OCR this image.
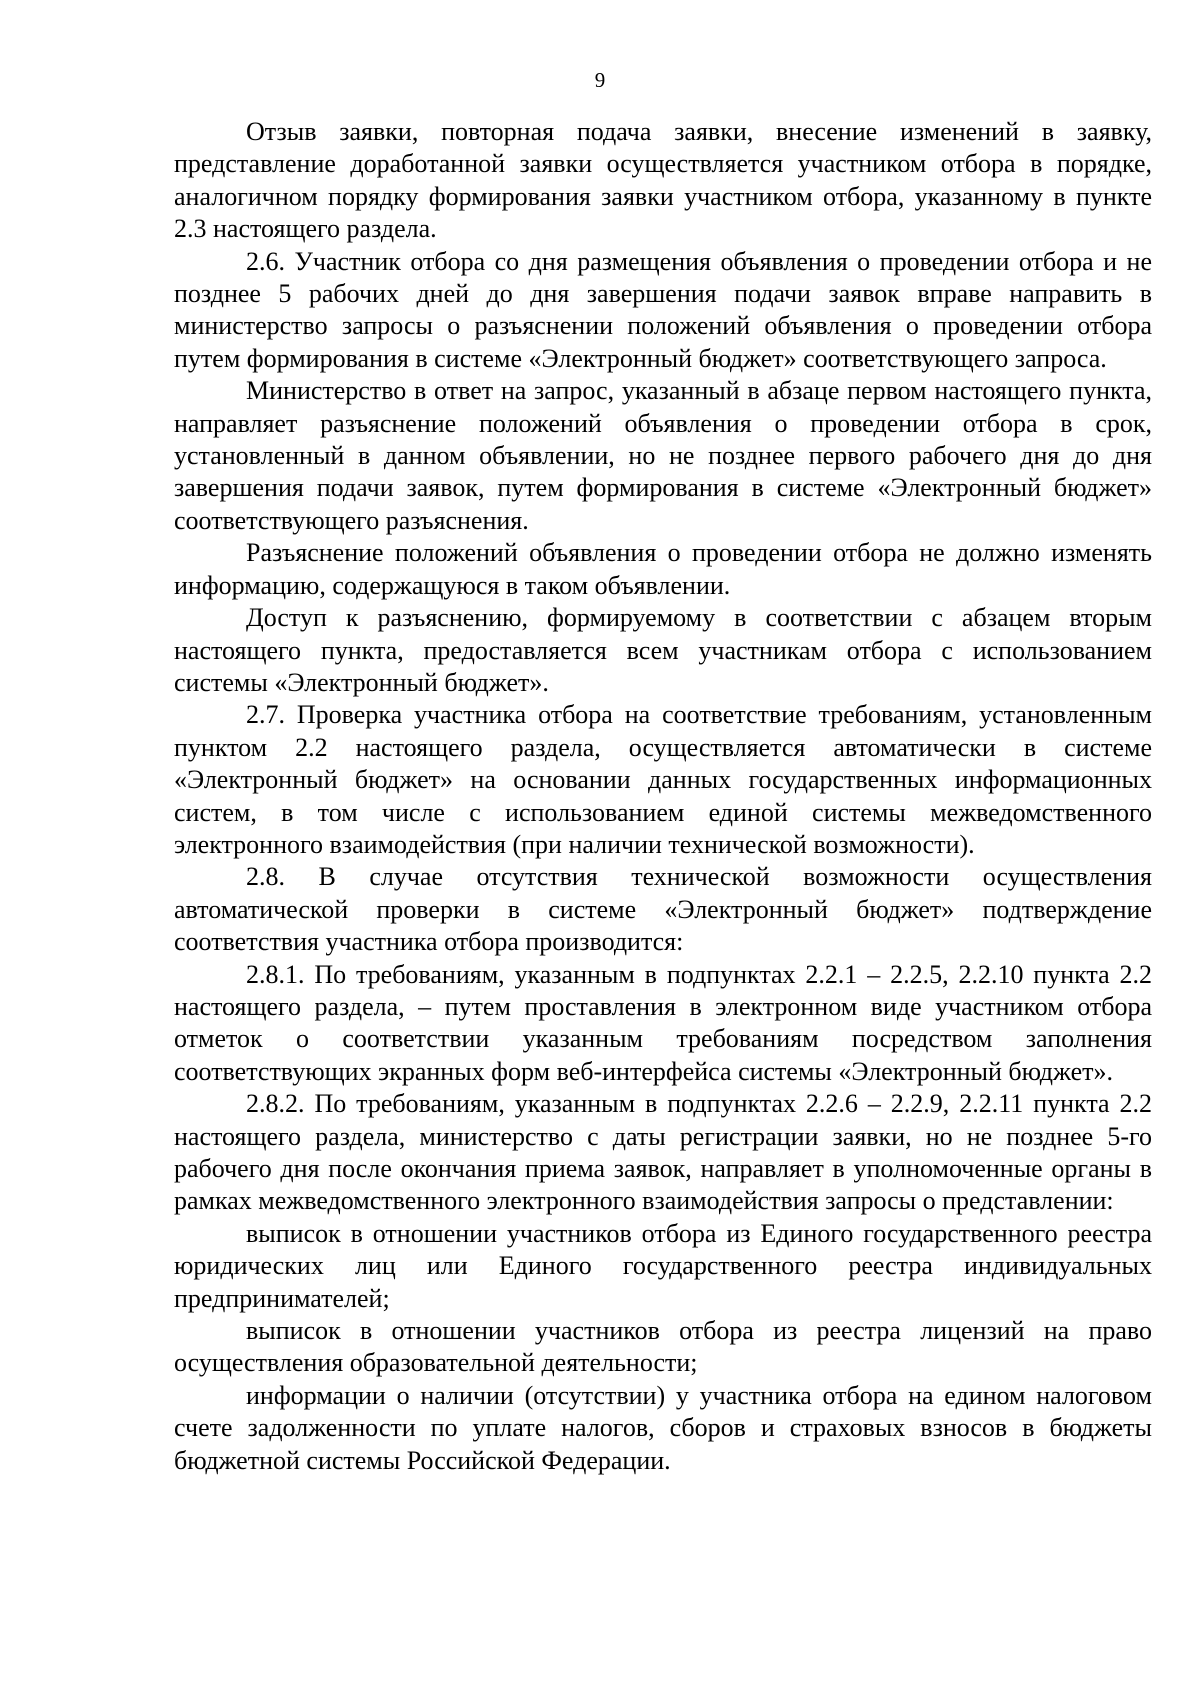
9

Отзыв заявки, повторная подача заявки, внесение изменений в заявку, представление доработанной заявки осуществляется участником отбора в порядке, аналогичном порядку формирования заявки участником отбора, указанному в пункте 2.3 настоящего раздела.

2.6. Участник отбора со дня размещения объявления о проведении отбора и не позднее 5 рабочих дней до дня завершения подачи заявок вправе направить в министерство запросы о разъяснении положений объявления о проведении отбора путем формирования в системе «Электронный бюджет» соответствующего запроса.

Министерство в ответ на запрос, указанный в абзаце первом настоящего пункта, направляет разъяснение положений объявления о проведении отбора в срок, установленный в данном объявлении, но не позднее первого рабочего дня до дня завершения подачи заявок, путем формирования в системе «Электронный бюджет» соответствующего разъяснения.

Разъяснение положений объявления о проведении отбора не должно изменять информацию, содержащуюся в таком объявлении.

Доступ к разъяснению, формируемому в соответствии с абзацем вторым настоящего пункта, предоставляется всем участникам отбора с использованием системы «Электронный бюджет».

2.7. Проверка участника отбора на соответствие требованиям, установленным пунктом 2.2 настоящего раздела, осуществляется автоматически в системе «Электронный бюджет» на основании данных государственных информационных систем, в том числе с использованием единой системы межведомственного электронного взаимодействия (при наличии технической возможности).

2.8. В случае отсутствия технической возможности осуществления автоматической проверки в системе «Электронный бюджет» подтверждение соответствия участника отбора производится:

2.8.1. По требованиям, указанным в подпунктах 2.2.1 – 2.2.5, 2.2.10 пункта 2.2 настоящего раздела, – путем проставления в электронном виде участником отбора отметок о соответствии указанным требованиям посредством заполнения соответствующих экранных форм веб-интерфейса системы «Электронный бюджет».

2.8.2. По требованиям, указанным в подпунктах 2.2.6 – 2.2.9, 2.2.11 пункта 2.2 настоящего раздела, министерство с даты регистрации заявки, но не позднее 5-го рабочего дня после окончания приема заявок, направляет в уполномоченные органы в рамках межведомственного электронного взаимодействия запросы о представлении:

выписок в отношении участников отбора из Единого государственного реестра юридических лиц или Единого государственного реестра индивидуальных предпринимателей;

выписок в отношении участников отбора из реестра лицензий на право осуществления образовательной деятельности;

информации о наличии (отсутствии) у участника отбора на едином налоговом счете задолженности по уплате налогов, сборов и страховых взносов в бюджеты бюджетной системы Российской Федерации.
